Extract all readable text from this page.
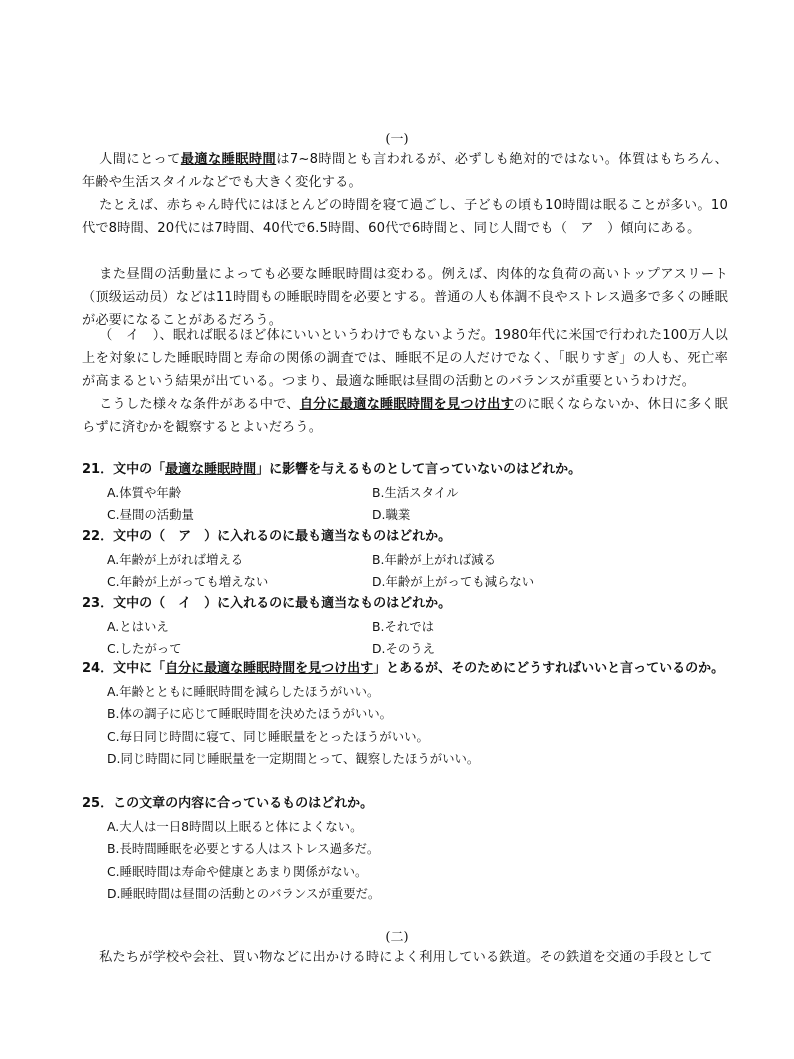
(一)

人間にとって最適な睡眠時間は7~8時間とも言われるが、必ずしも絶対的ではない。体質はもちろん、年齢や生活スタイルなどでも大きく変化する。

たとえば、赤ちゃん時代にはほとんどの時間を寝て過ごし、子どもの頃も10時間は眠ることが多い。10代で8時間、20代には7時間、40代で6.5時間、60代で6時間と、同じ人間でも（　ア　）傾向にある。

また昼間の活動量によっても必要な睡眠時間は変わる。例えば、肉体的な負荷の高いトップアスリート（顶级运动员）などは11時間もの睡眠時間を必要とする。普通の人も体調不良やストレス過多で多くの睡眠が必要になることがあるだろう。

（　イ　）、眠れば眠るほど体にいいというわけでもないようだ。1980年代に米国で行われた100万人以上を対象にした睡眠時間と寿命の関係の調査では、睡眠不足の人だけでなく、「眠りすぎ」の人も、死亡率が高まるという結果が出ている。つまり、最適な睡眠は昼間の活動とのバランスが重要というわけだ。

こうした様々な条件がある中で、自分に最適な睡眠時間を見つけ出すのに眠くならないか、休日に多く眠らずに済むかを観察するとよいだろう。

21．文中の「最適な睡眠時間」に影響を与えるものとして言っていないのはどれか。
A.体質や年齢	B.生活スタイル
C.昼間の活動量	D.職業
22．文中の（　ア　）に入れるのに最も適当なものはどれか。
A.年齢が上がれば増える	B.年齢が上がれば減る
C.年齢が上がっても増えない	D.年齢が上がっても減らない
23．文中の（　イ　）に入れるのに最も適当なものはどれか。
A.とはいえ	B.それでは
C.したがって	D.そのうえ
24．文中に「自分に最適な睡眠時間を見つけ出す」とあるが、そのためにどうすればいいと言っているのか。
A.年齢とともに睡眠時間を減らしたほうがいい。
B.体の調子に応じて睡眠時間を決めたほうがいい。
C.毎日同じ時間に寝て、同じ睡眠量をとったほうがいい。
D.同じ時間に同じ睡眠量を一定期間とって、観察したほうがいい。
25．この文章の内容に合っているものはどれか。
A.大人は一日8時間以上眠ると体によくない。
B.長時間睡眠を必要とする人はストレス過多だ。
C.睡眠時間は寿命や健康とあまり関係がない。
D.睡眠時間は昼間の活動とのバランスが重要だ。
(二)

私たちが学校や会社、買い物などに出かける時によく利用している鉄道。その鉄道を交通の手段として
